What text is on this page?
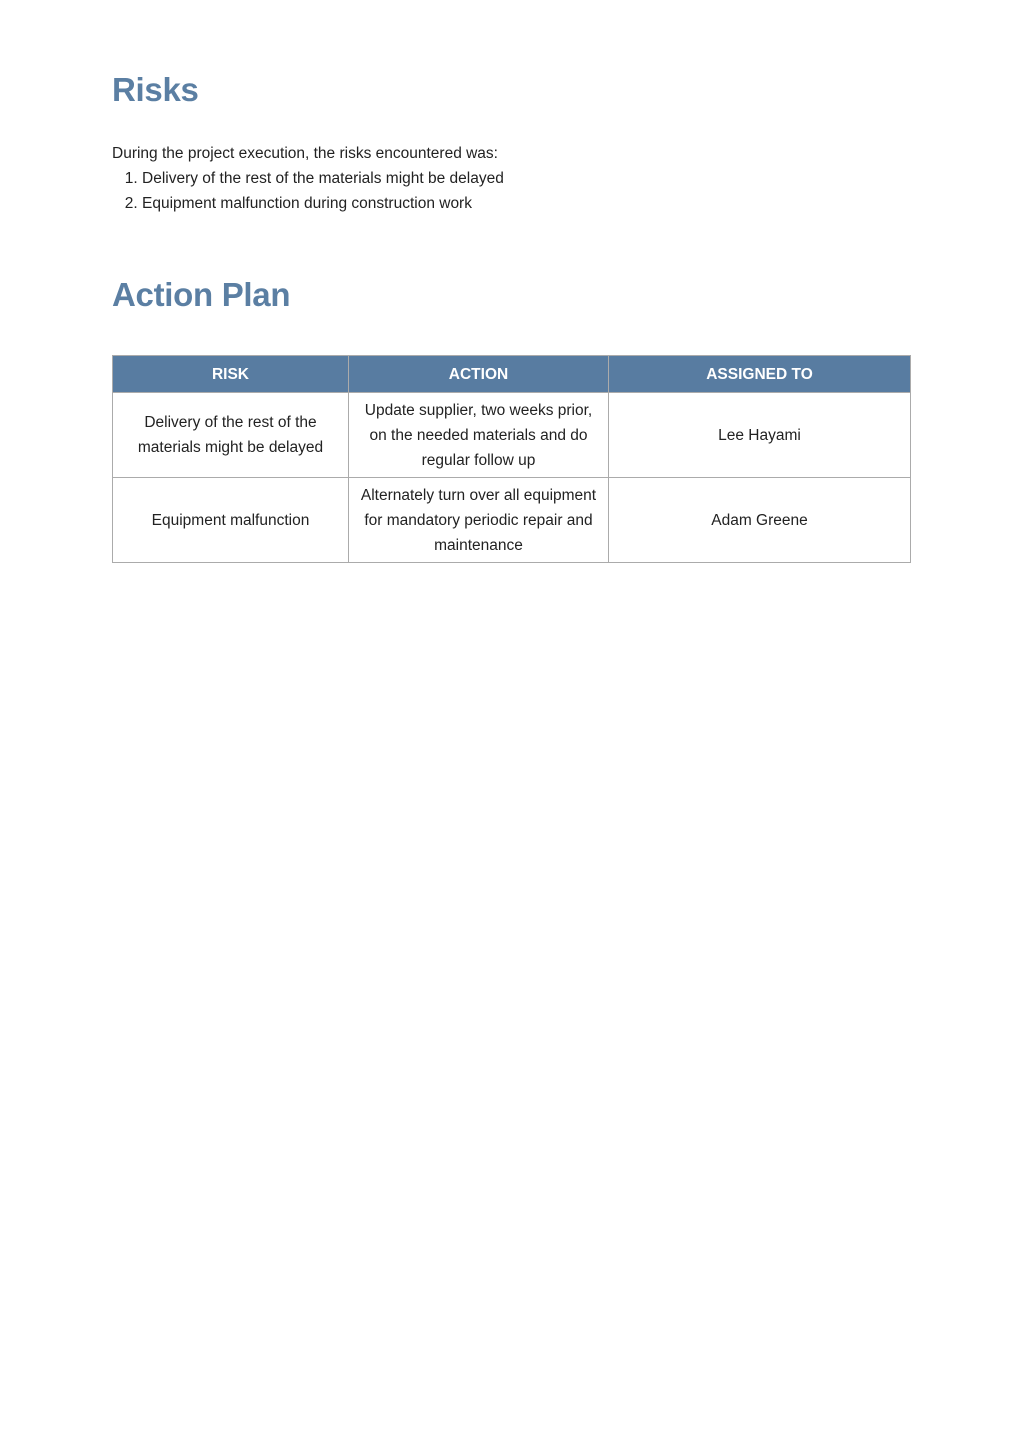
Risks

During the project execution, the risks encountered was:

1. Delivery of the rest of the materials might be delayed
2. Equipment malfunction during construction work
Action Plan
RISK	ACTION	ASSIGNED TO
Delivery of the rest of the materials might be delayed	Update supplier, two weeks prior, on the needed materials and do regular follow up	Lee Hayami
Equipment malfunction	Alternately turn over all equipment for mandatory periodic repair and maintenance	Adam Greene
